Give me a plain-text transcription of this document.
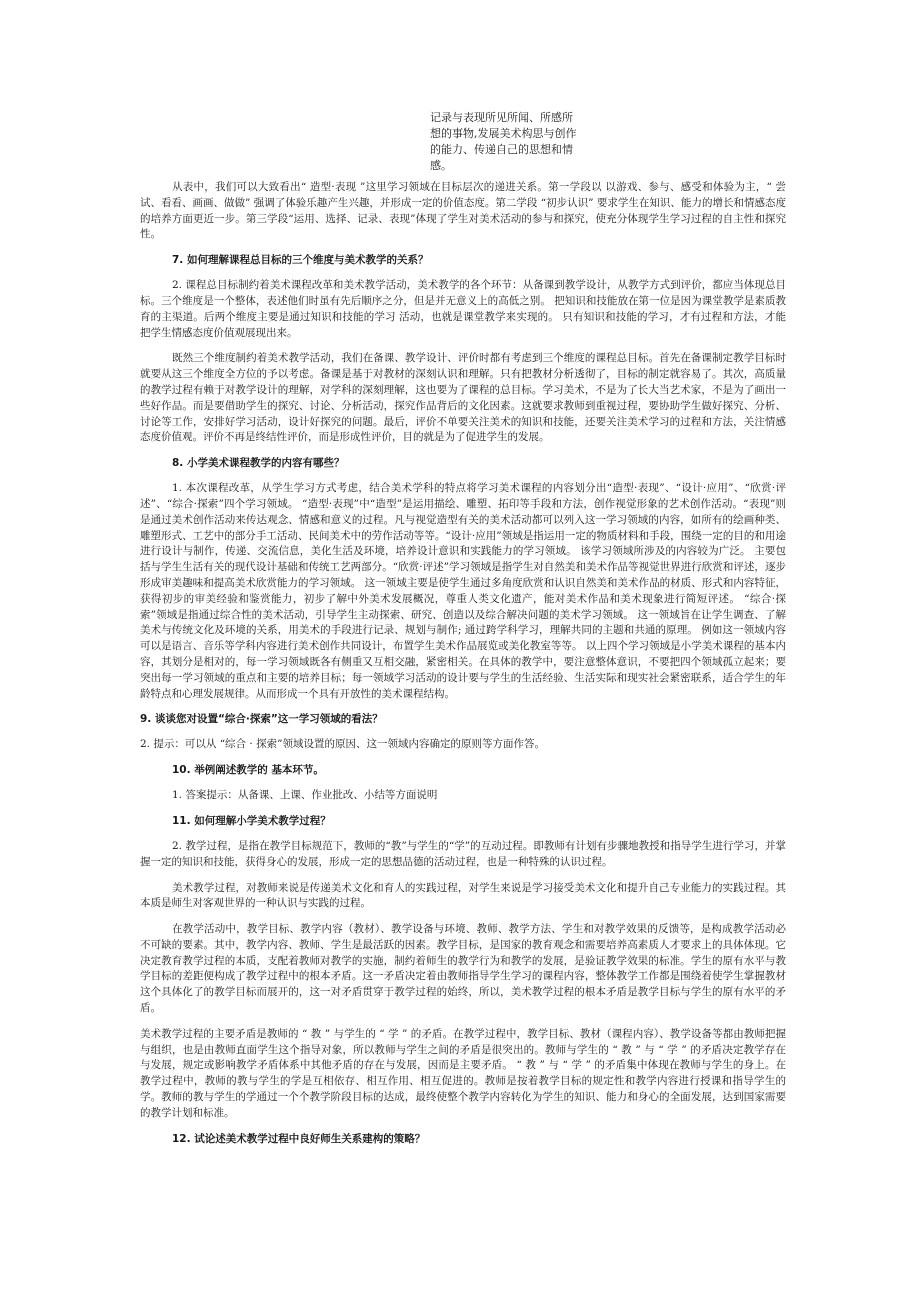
记录与表现所见所闻、所感所想的事物,发展美术构思与创作的能力、传递自己的思想和情感。

从表中，我们可以大致看出“ 造型·表现 ”这里学习领域在目标层次的递进关系。第一学段以 以游戏、参与、感受和体验为主，“ 尝试、看看、画画、做做” 强调了体验乐趣产生兴趣，并形成一定的价值态度。第二学段 “初步认识” 要求学生在知识、能力的增长和情感态度的培养方面更近一步。第三学段“运用、选择、记录、表现”体现了学生对美术活动的参与和探究，使充分体现学生学习过程的自主性和探究性。

7. 如何理解课程总目标的三个维度与美术教学的关系？

2. 课程总目标制约着美术课程改革和美术教学活动，美术教学的各个环节：从备课到教学设计，从教学方式到评价，都应当体现总目标。三个维度是一个整体，表述他们时虽有先后顺序之分，但是并无意义上的高低之别。 把知识和技能放在第一位是因为课堂教学是素质教育的主渠道。后两个维度主要是通过知识和技能的学习 活动，也就是课堂教学来实现的。 只有知识和技能的学习，才有过程和方法，才能把学生情感态度价值观展现出来。

既然三个维度制约着美术教学活动，我们在备课、教学设计、评价时都有考虑到三个维度的课程总目标。首先在备课制定教学目标时就要从这三个维度全方位的予以考虑。备课是基于对教材的深刻认识和理解。只有把教材分析透彻了，目标的制定就容易了。其次，高质量的教学过程有赖于对教学设计的理解，对学科的深刻理解，这也要为了课程的总目标。学习美术，不是为了长大当艺术家，不是为了画出一些好作品。而是要借助学生的探究、讨论、分析活动，探究作品背后的文化因素。这就要求教师到重视过程，要协助学生做好探究、分析、讨论等工作，安排好学习活动，设计好探究的问题。最后，评价不单要关注美术的知识和技能，还要关注美术学习的过程和方法，关注情感态度价值观。评价不再是终结性评价，而是形成性评价，目的就是为了促进学生的发展。

8. 小学美术课程教学的内容有哪些？

1. 本次课程改革，从学生学习方式考虑，结合美术学科的特点将学习美术课程的内容划分出“造型·表现”、“设计·应用”、“欣赏·评述”、“综合·探索”四个学习领域。 “造型·表现”中“造型”是运用描绘、雕塑、拓印等手段和方法，创作视觉形象的艺术创作活动。“表现”则是通过美术创作活动来传达观念、情感和意义的过程。凡与视觉造型有关的美术活动都可以列入这一学习领域的内容，如所有的绘画种类、雕塑形式、工艺中的部分手工活动、民间美术中的劳作活动等等。“设计·应用”领域是指运用一定的物质材料和手段，围绕一定的目的和用途进行设计与制作，传递、交流信息，美化生活及环境，培养设计意识和实践能力的学习领域。 该学习领域所涉及的内容较为广泛。 主要包括与学生生活有关的现代设计基础和传统工艺两部分。“欣赏·评述”学习领域是指学生对自然美和美术作品等视觉世界进行欣赏和评述，逐步形成审美趣味和提高美术欣赏能力的学习领域。 这一领域主要是使学生通过多角度欣赏和认识自然美和美术作品的材质、形式和内容特征，获得初步的审美经验和鉴赏能力，初步了解中外美术发展概况，尊重人类文化遗产，能对美术作品和美术现象进行简短评述。 “综合·探索”领域是指通过综合性的美术活动，引导学生主动探索、研究、创造以及综合解决问题的美术学习领域。 这一领域旨在让学生调查、了解美术与传统文化及环境的关系，用美术的手段进行记录、规划与制作; 通过跨学科学习，理解共同的主题和共通的原理。 例如这一领域内容可以是语言、音乐等学科内容进行美术创作共同设计，布置学生美术作品展览或美化教室等等。 以上四个学习领域是小学美术课程的基本内容，其划分是相对的，每一学习领域既各有侧重又互相交融，紧密相关。在具体的教学中，要注意整体意识，不要把四个领域孤立起来；要突出每一学习领域的重点和主要的培养目标；每一领域学习活动的设计要与学生的生活经验、生活实际和现实社会紧密联系，适合学生的年龄特点和心理发展规律。从而形成一个具有开放性的美术课程结构。

9. 谈谈您对设置“综合·探索”这一学习领域的看法？

2. 提示：可以从 “综合 · 探索”领域设置的原因、这一领域内容确定的原则等方面作答。

10. 举例阐述教学的 基本环节。

1. 答案提示：从备课、上课、作业批改、小结等方面说明

11. 如何理解小学美术教学过程？

2. 教学过程，是指在教学目标规范下，教师的“教”与学生的“学”的互动过程。即教师有计划有步骤地教授和指导学生进行学习，并掌握一定的知识和技能，获得身心的发展，形成一定的思想品德的活动过程，也是一种特殊的认识过程。

美术教学过程，对教师来说是传递美术文化和育人的实践过程，对学生来说是学习接受美术文化和提升自己专业能力的实践过程。其本质是师生对客观世界的一种认识与实践的过程。

在教学活动中，教学目标、教学内容（教材）、教学设备与环境、教师、教学方法、学生和对教学效果的反馈等，是构成教学活动必不可缺的要素。其中，教学内容、教师、学生是最活跃的因素。教学目标，是国家的教育观念和需要培养高素质人才要求上的具体体现。它决定教育教学过程的本质，支配着教师对教学的实施，制约着师生的教学行为和教学的发展，是验证教学效果的标准。学生的原有水平与教学目标的差距便构成了教学过程中的根本矛盾。这一矛盾决定着由教师指导学生学习的课程内容，整体教学工作都是围绕着使学生掌握教材这个具体化了的教学目标而展开的，这一对矛盾贯穿于教学过程的始终，所以，美术教学过程的根本矛盾是教学目标与学生的原有水平的矛盾。

美术教学过程的主要矛盾是教师的 “ 教 ” 与学生的 “ 学 ” 的矛盾。在教学过程中，教学目标、教材（课程内容）、教学设备等都由教师把握与组织，也是由教师直面学生这个指导对象，所以教师与学生之间的矛盾是很突出的。教师与学生的 “ 教 ” 与 “ 学 ” 的矛盾决定教学存在与发展，规定或影响教学矛盾体系中其他矛盾的存在与发展，因而是主要矛盾。 “ 教 ” 与 “ 学 ” 的矛盾集中体现在教师与学生的身上。在教学过程中，教师的教与学生的学是互相依存、相互作用、相互促进的。教师是按着教学目标的规定性和教学内容进行授课和指导学生的学。教师的教与学生的学通过一个个教学阶段目标的达成，最终使整个教学内容转化为学生的知识、能力和身心的全面发展，达到国家需要的教学计划和标准。

12. 试论述美术教学过程中良好师生关系建构的策略？
